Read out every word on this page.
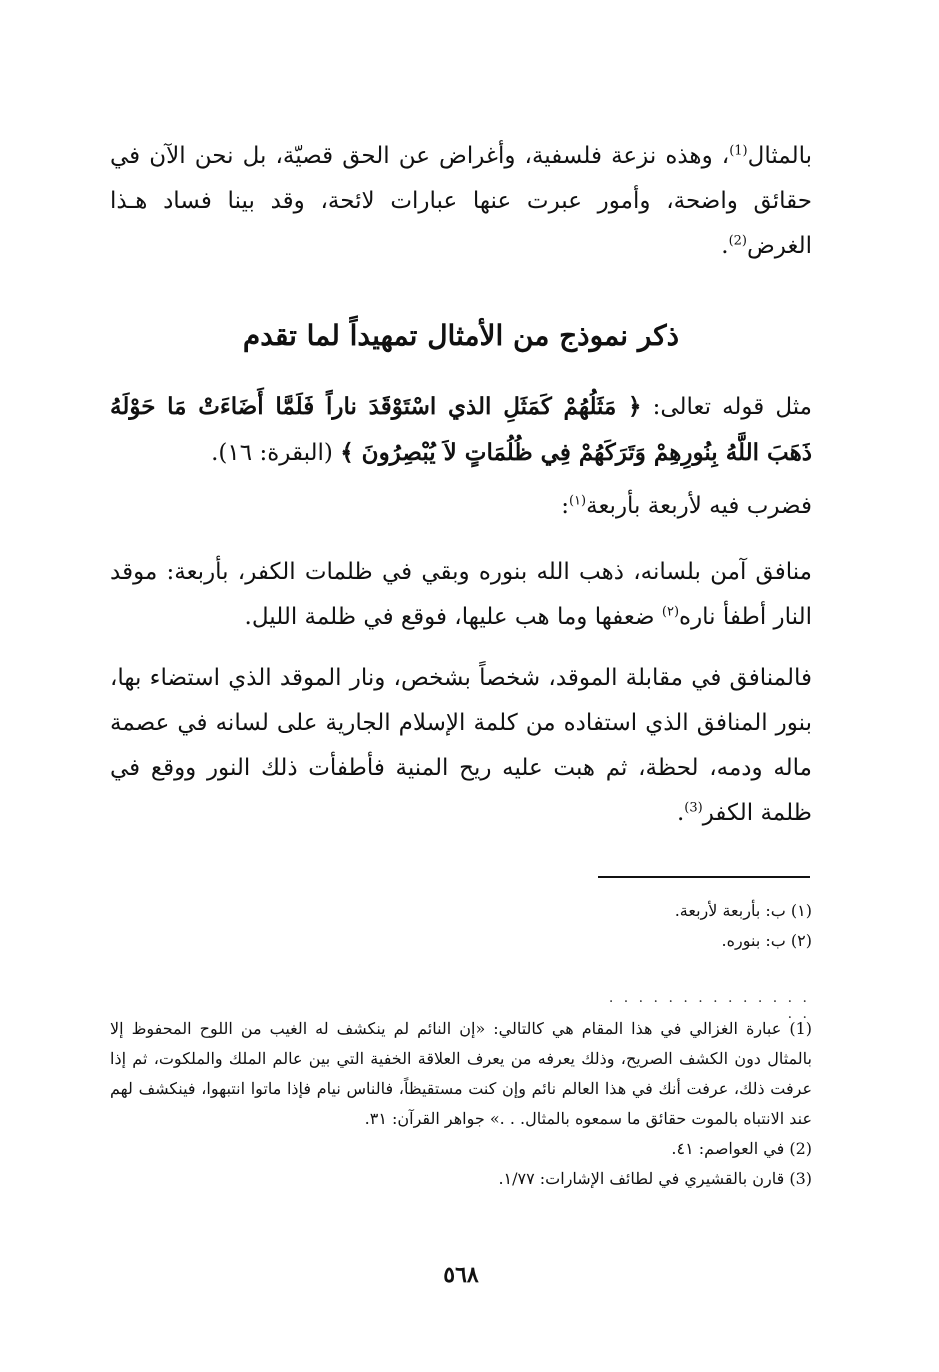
بالمثال$^{(1)}$، وهذه نزعة فلسفية، وأغراض عن الحق قصيّة، بل نحن الآن في حقائق واضحة، وأمور عبرت عنها عبارات لائحة، وقد بينا فساد هـذا الغرض$^{(2)}$.
ذكر نموذج من الأمثال تمهيداً لما تقدم
مثل قوله تعالى: ﴿ مَثَلُهُمْ كَمَثَلِ الذي اسْتَوْقَدَ ناراً فَلَمَّا أَضَاءَتْ مَا حَوْلَهُ ذَهَبَ اللَّهُ بِنُورِهِمْ وَتَرَكَهُمْ فِي ظُلُمَاتٍ لاَ يُبْصِرُونَ ﴾ (البقرة: ١٦).
فضرب فيه لأربعة بأربعة$^{(١)}$:
منافق آمن بلسانه، ذهب الله بنوره وبقي في ظلمات الكفر، بأربعة: موقد النار أطفأ ناره$^{(٢)}$ ضعفها وما هب عليها، فوقع في ظلمة الليل.
فالمنافق في مقابلة الموقد، شخصاً بشخص، ونار الموقد الذي استضاء بها، بنور المنافق الذي استفاده من كلمة الإسلام الجارية على لسانه في عصمة ماله ودمه، لحظة، ثم هبت عليه ريح المنية فأطفأت ذلك النور ووقع في ظلمة الكفر$^{(3)}$.
(١) ب: بأربعة لأربعة.
(٢) ب: بنوره.
. . . . . . . . . . . . . . . .
(1) عبارة الغزالي في هذا المقام هي كالتالي: «إن النائم لم ينكشف له الغيب من اللوح المحفوظ إلا بالمثال دون الكشف الصريح، وذلك يعرفه من يعرف العلاقة الخفية التي بين عالم الملك والملكوت، ثم إذا عرفت ذلك، عرفت أنك في هذا العالم نائم وإن كنت مستقيظاً، فالناس نيام فإذا ماتوا انتبهوا، فينكشف لهم عند الانتباه بالموت حقائق ما سمعوه بالمثال. . .» جواهر القرآن: ٣١.
(2) في العواصم: ٤١.
(3) قارن بالقشيري في لطائف الإشارات: ١/٧٧.
٥٦٨
